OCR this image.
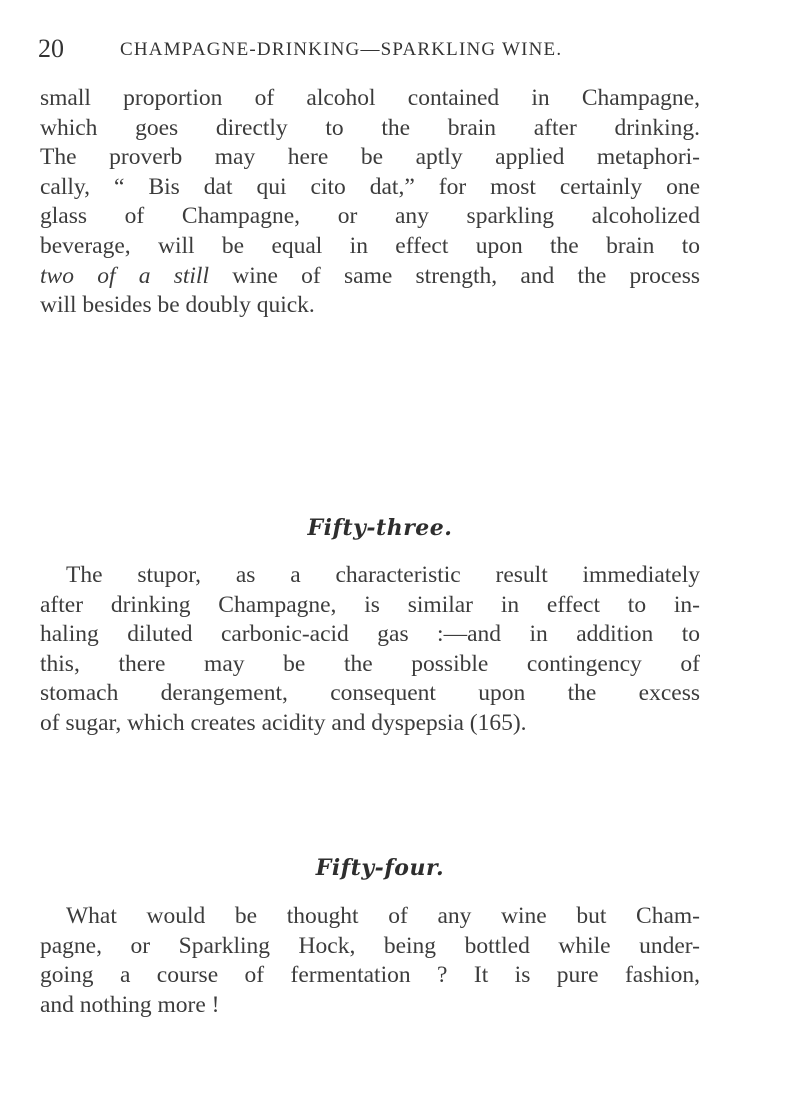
20	CHAMPAGNE-DRINKING—SPARKLING WINE.
small proportion of alcohol contained in Champagne,
which goes directly to the brain after drinking.
The proverb may here be aptly applied metaphori-
cally, “ Bis dat qui cito dat,” for most certainly one
glass of Champagne, or any sparkling alcoholized
beverage, will be equal in effect upon the brain to
two of a still wine of same strength, and the process
will besides be doubly quick.
Fifty-three.
The stupor, as a characteristic result immediately
after drinking Champagne, is similar in effect to in-
haling diluted carbonic-acid gas :—and in addition to
this, there may be the possible contingency of
stomach derangement, consequent upon the excess
of sugar, which creates acidity and dyspepsia (165).
Fifty-four.
What would be thought of any wine but Cham-
pagne, or Sparkling Hock, being bottled while under-
going a course of fermentation ? It is pure fashion,
and nothing more !
